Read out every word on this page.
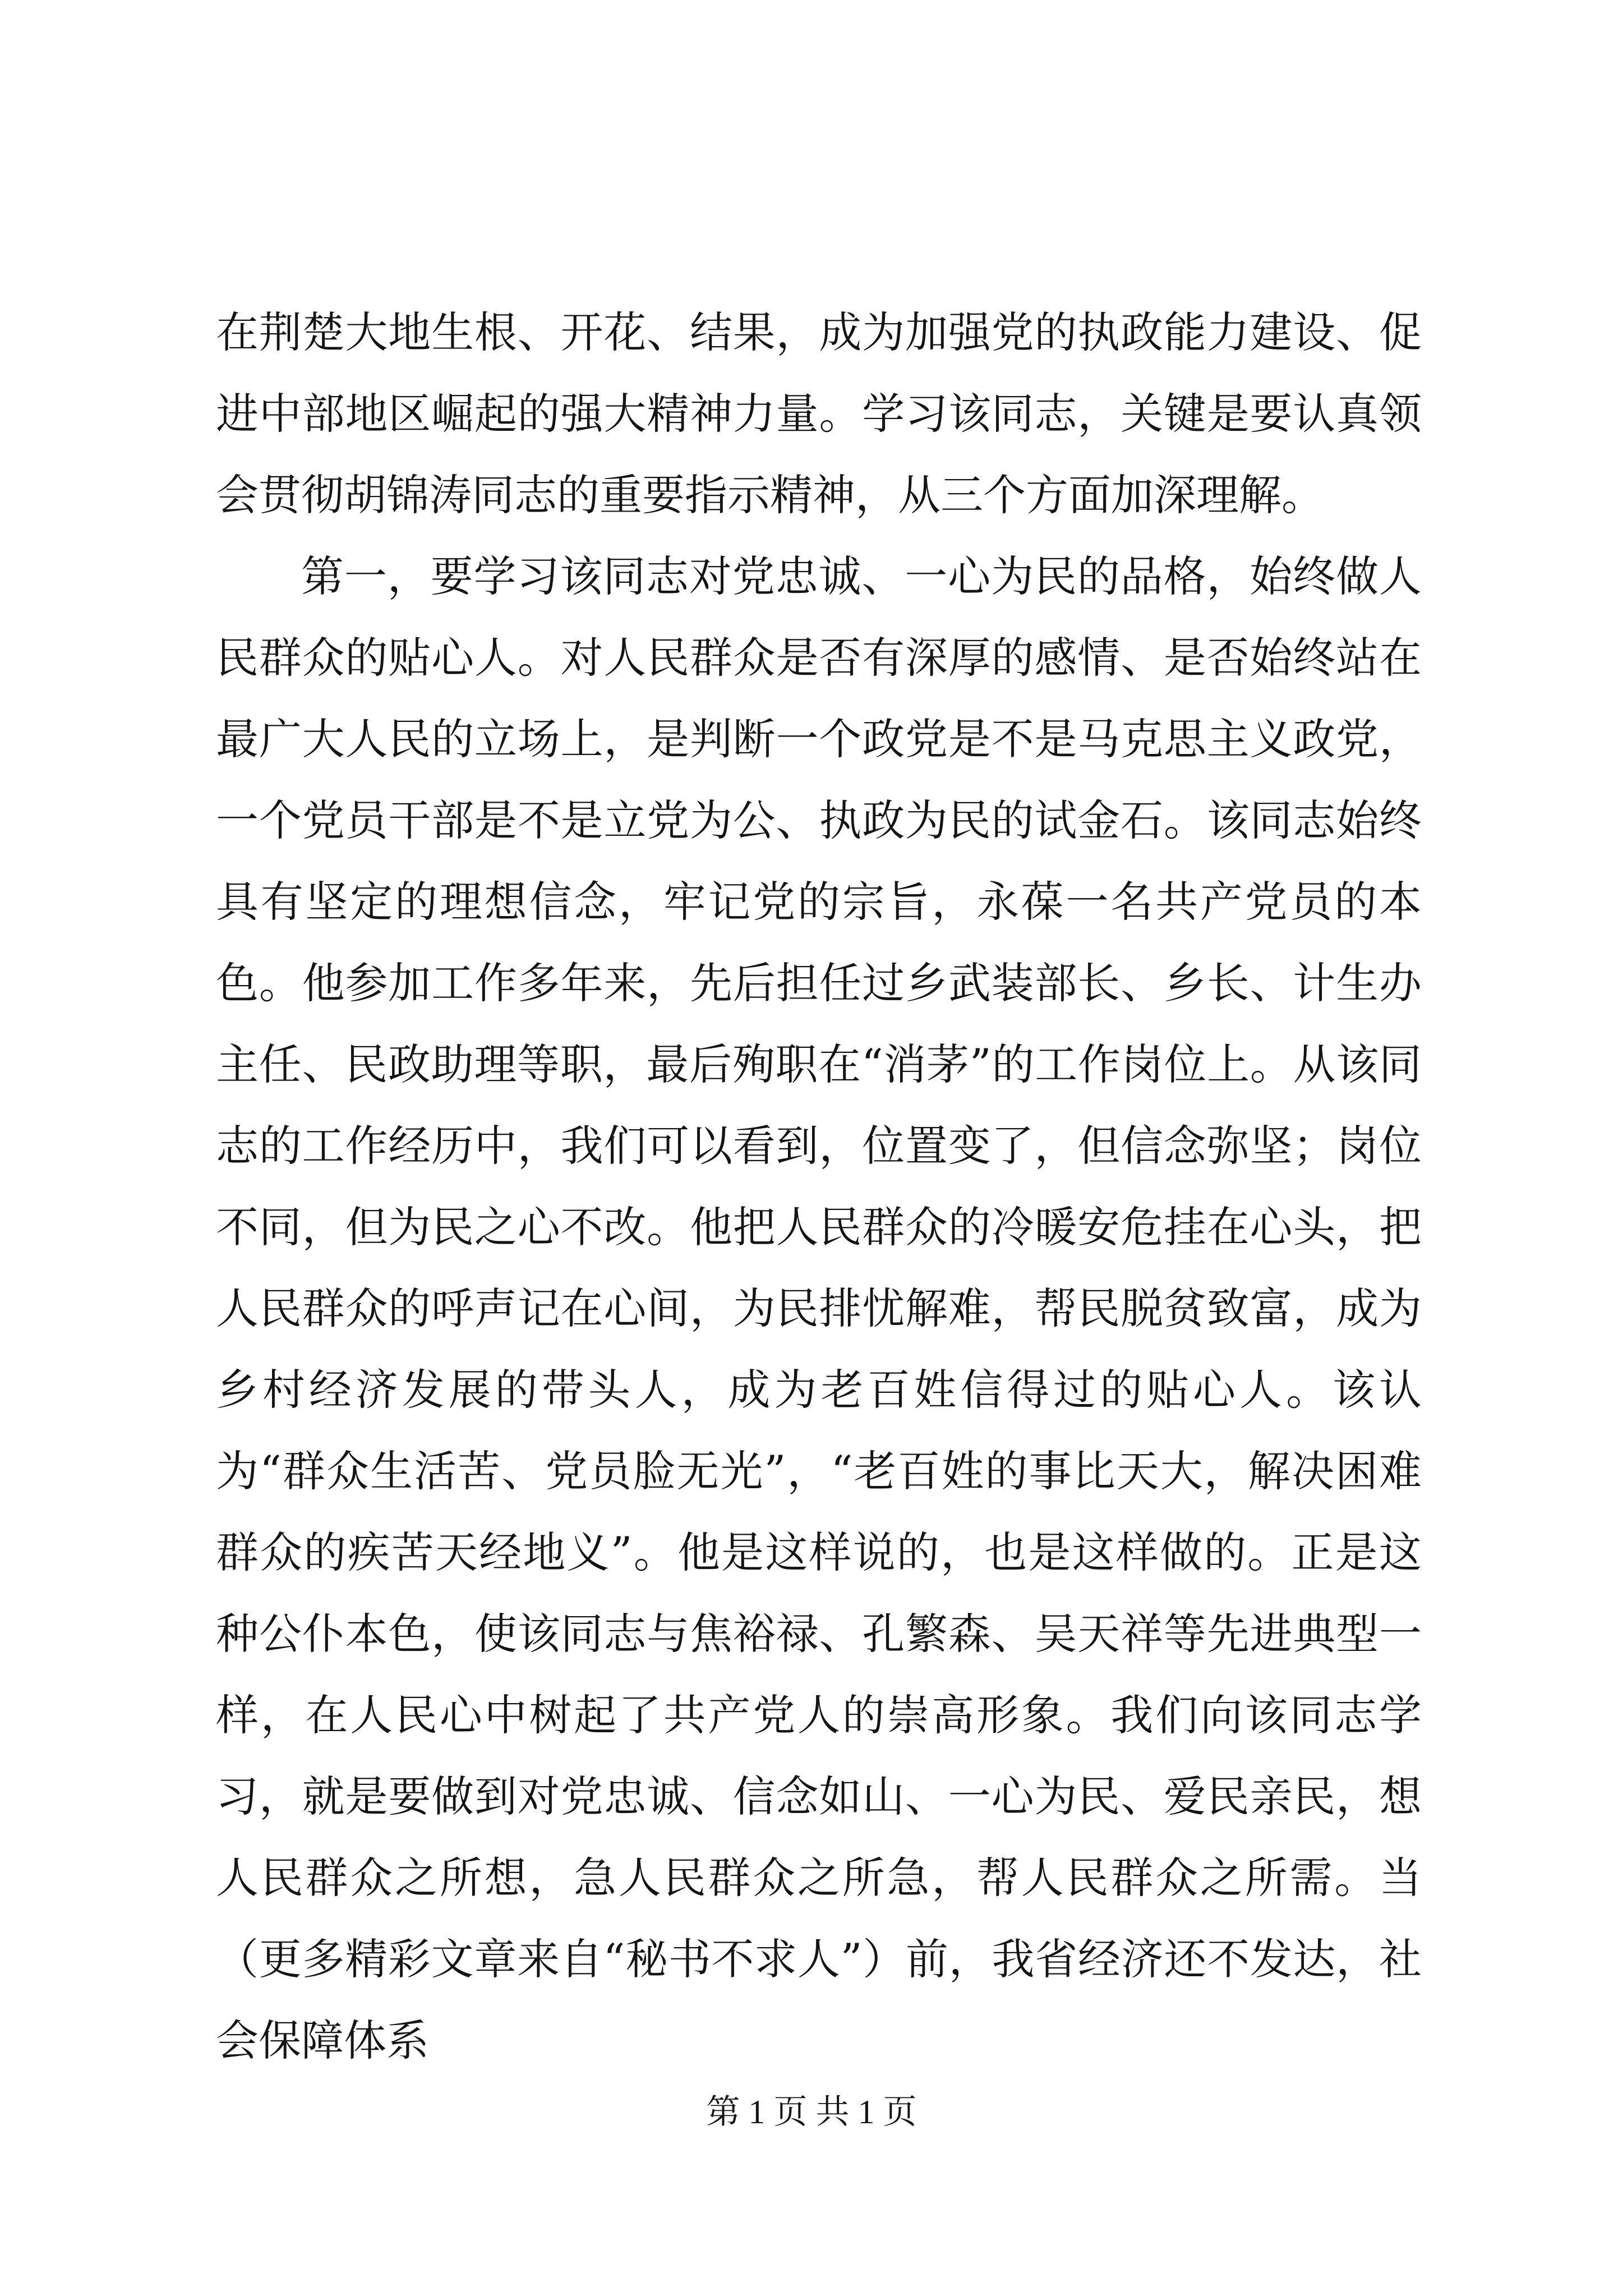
在荆楚大地生根、开花、结果，成为加强党的执政能力建设、促进中部地区崛起的强大精神力量。学习该同志，关键是要认真领会贯彻胡锦涛同志的重要指示精神，从三个方面加深理解。

第一，要学习该同志对党忠诚、一心为民的品格，始终做人民群众的贴心人。对人民群众是否有深厚的感情、是否始终站在最广大人民的立场上，是判断一个政党是不是马克思主义政党，一个党员干部是不是立党为公、执政为民的试金石。该同志始终具有坚定的理想信念，牢记党的宗旨，永葆一名共产党员的本色。他参加工作多年来，先后担任过乡武装部长、乡长、计生办主任、民政助理等职，最后殉职在“消茅”的工作岗位上。从该同志的工作经历中，我们可以看到，位置变了，但信念弥坚；岗位不同，但为民之心不改。他把人民群众的冷暖安危挂在心头，把人民群众的呼声记在心间，为民排忧解难，帮民脱贫致富，成为乡村经济发展的带头人，成为老百姓信得过的贴心人。该认为“群众生活苦、党员脸无光”，“老百姓的事比天大，解决困难群众的疾苦天经地义”。他是这样说的，也是这样做的。正是这种公仆本色，使该同志与焦裕禄、孔繁森、吴天祥等先进典型一样，在人民心中树起了共产党人的崇高形象。我们向该同志学习，就是要做到对党忠诚、信念如山、一心为民、爱民亲民，想人民群众之所想，急人民群众之所急，帮人民群众之所需。当（更多精彩文章来自“秘书不求人”）前，我省经济还不发达，社会保障体系

第 1 页 共 1 页
